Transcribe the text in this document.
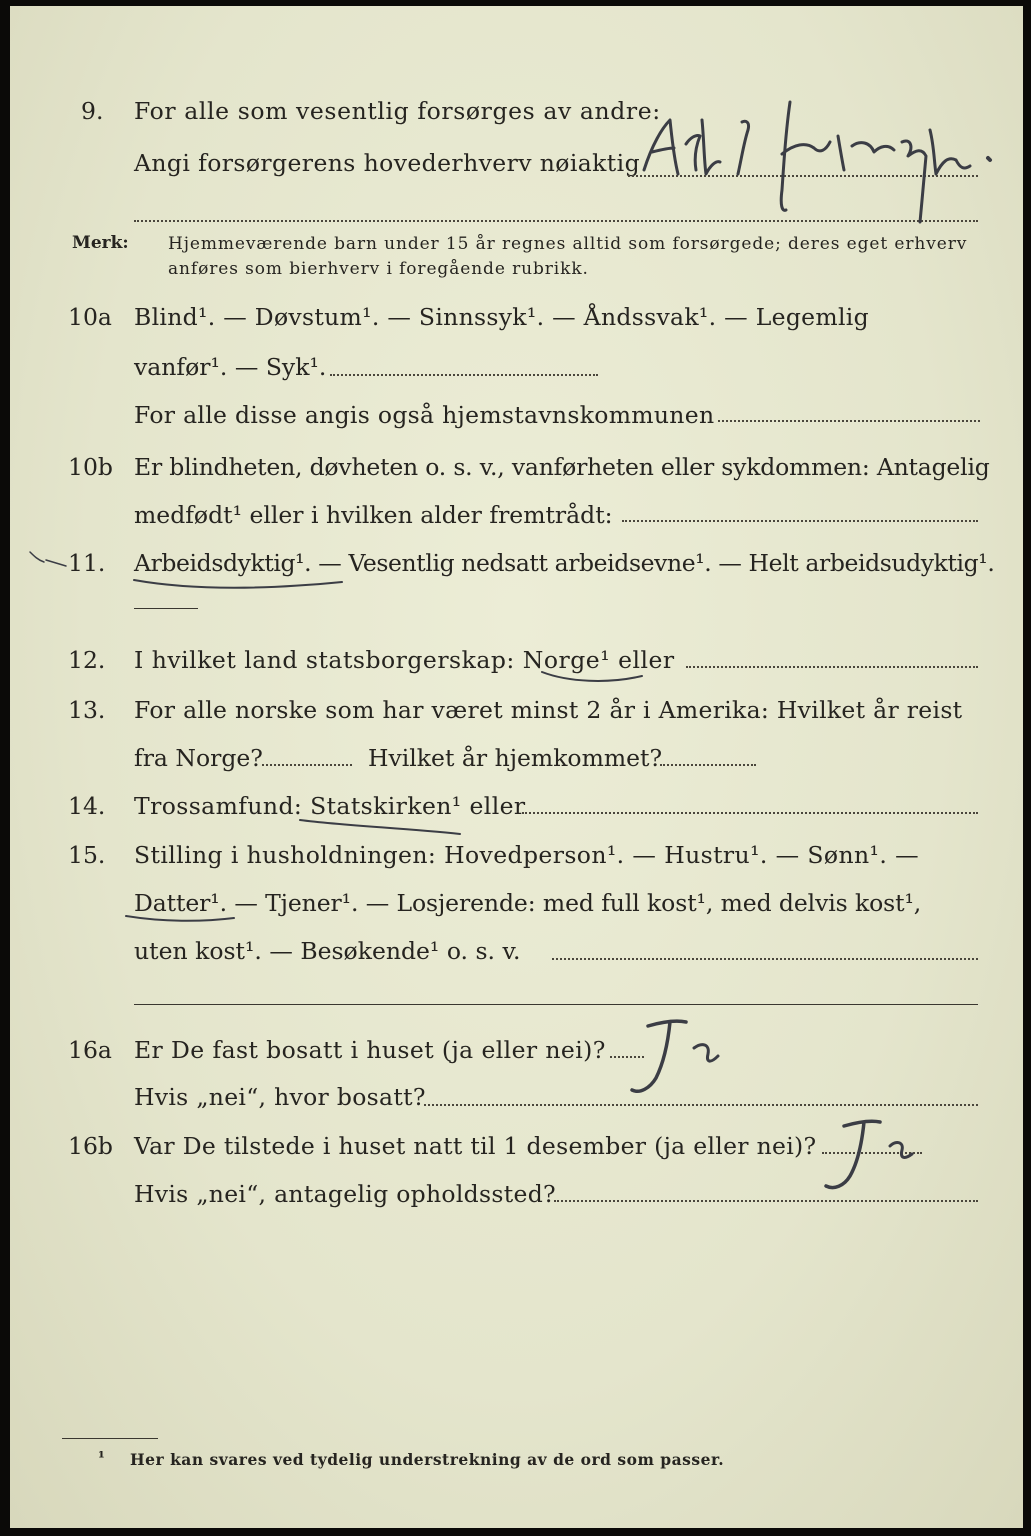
9. For alle som vesentlig forsørges av andre:
Angi forsørgerens hovederhverv nøiaktig
Merk: Hjemmeværende barn under 15 år regnes alltid som forsørgede; deres eget erhverv
anføres som bierhverv i foregående rubrikk.
10a Blind¹. — Døvstum¹. — Sinnssyk¹. — Åndssvak¹. — Legemlig
vanfør¹. — Syk¹.
For alle disse angis også hjemstavnskommunen
10b Er blindheten, døvheten o. s. v., vanførheten eller sykdommen: Antagelig
medfødt¹ eller i hvilken alder fremtrådt:
11. Arbeidsdyktig¹. — Vesentlig nedsatt arbeidsevne¹. — Helt arbeidsudyktig¹.
12. I hvilket land statsborgerskap: Norge¹ eller
13. For alle norske som har været minst 2 år i Amerika: Hvilket år reist
fra Norge?	Hvilket år hjemkommet?
14. Trossamfund: Statskirken¹ eller
15. Stilling i husholdningen: Hovedperson¹. — Hustru¹. — Sønn¹. —
Datter¹. — Tjener¹. — Losjerende: med full kost¹, med delvis kost¹,
uten kost¹. — Besøkende¹ o. s. v.
16a Er De fast bosatt i huset (ja eller nei)?
Hvis „nei“, hvor bosatt?
16b Var De tilstede i huset natt til 1 desember (ja eller nei)?
Hvis „nei“, antagelig opholdssted?
¹ Her kan svares ved tydelig understrekning av de ord som passer.
